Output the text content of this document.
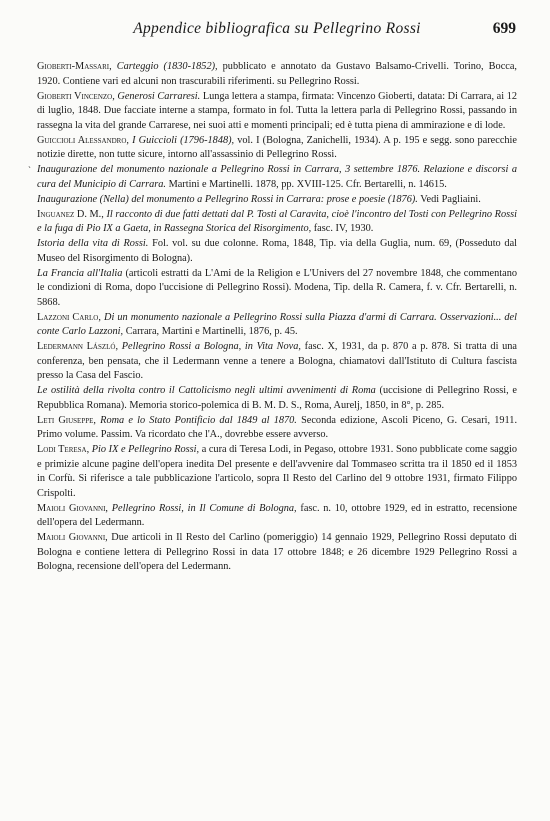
Appendice bibliografica su Pellegrino Rossi	699

Gioberti-Massari, Carteggio (1830-1852), pubblicato e annotato da Gustavo Balsamo-Crivelli. Torino, Bocca, 1920. Contiene vari ed alcuni non trascurabili riferimenti. su Pellegrino Rossi.

Gioberti Vincenzo, Generosi Carraresi. Lunga lettera a stampa, firmata: Vincenzo Gioberti, datata: Di Carrara, ai 12 di luglio, 1848. Due facciate interne a stampa, formato in fol. Tutta la lettera parla di Pellegrino Rossi, passando in rassegna la vita del grande Carrarese, nei suoi atti e momenti principali; ed è tutta piena di ammirazione e di lode.

Guiccioli Alessandro, I Guiccioli (1796-1848), vol. I (Bologna, Zanichelli, 1934). A p. 195 e segg. sono parecchie notizie dirette, non tutte sicure, intorno all'assassinio di Pellegrino Rossi.

` Inaugurazione del monumento nazionale a Pellegrino Rossi in Carrara, 3 settembre 1876. Relazione e discorsi a cura del Municipio di Carrara. Martini e Martinelli. 1878, pp. XVIII-125. Cfr. Bertarelli, n. 14615.

Inaugurazione (Nella) del monumento a Pellegrino Rossi in Carrara: prose e poesie (1876). Vedi Pagliaini.

Inguanez D. M., Il racconto di due fatti dettati dal P. Tosti al Caravita, cioè l'incontro del Tosti con Pellegrino Rossi e la fuga di Pio IX a Gaeta, in Rassegna Storica del Risorgimento, fasc. IV, 1930.

Istoria della vita di Rossi. Fol. vol. su due colonne. Roma, 1848, Tip. via della Guglia, num. 69, (Posseduto dal Museo del Risorgimento di Bologna).

La Francia all'Italia (articoli estratti da L'Ami de la Religion e L'Univers del 27 novembre 1848, che commentano le condizioni di Roma, dopo l'uccisione di Pellegrino Rossi). Modena, Tip. della R. Camera, f. v. Cfr. Bertarelli, n. 5868.

Lazzoni Carlo, Di un monumento nazionale a Pellegrino Rossi sulla Piazza d'armi di Carrara. Osservazioni... del conte Carlo Lazzoni, Carrara, Martini e Martinelli, 1876, p. 45.

Ledermann László, Pellegrino Rossi a Bologna, in Vita Nova, fasc. X, 1931, da p. 870 a p. 878. Si tratta di una conferenza, ben pensata, che il Ledermann venne a tenere a Bologna, chiamatovi dall'Istituto di Cultura fascista presso la Casa del Fascio.

Le ostilità della rivolta contro il Cattolicismo negli ultimi avvenimenti di Roma (uccisione di Pellegrino Rossi, e Repubblica Romana). Memoria storico-polemica di B. M. D. S., Roma, Aurelj, 1850, in 8°, p. 285.

Leti Giuseppe, Roma e lo Stato Pontificio dal 1849 al 1870. Seconda edizione, Ascoli Piceno, G. Cesari, 1911. Primo volume. Passim. Va ricordato che l'A., dovrebbe essere avverso.

Lodi Teresa, Pio IX e Pellegrino Rossi, a cura di Teresa Lodi, in Pegaso, ottobre 1931. Sono pubblicate come saggio e primizie alcune pagine dell'opera inedita Del presente e dell'avvenire dal Tommaseo scritta tra il 1850 ed il 1853 in Corfù. Si riferisce a tale pubblicazione l'articolo, sopra Il Resto del Carlino del 9 ottobre 1931, firmato Filippo Crispolti.

Maioli Giovanni, Pellegrino Rossi, in Il Comune di Bologna, fasc. n. 10, ottobre 1929, ed in estratto, recensione dell'opera del Ledermann.

Maioli Giovanni, Due articoli in Il Resto del Carlino (pomeriggio) 14 gennaio 1929, Pellegrino Rossi deputato di Bologna e contiene lettera di Pellegrino Rossi in data 17 ottobre 1848; e 26 dicembre 1929 Pellegrino Rossi a Bologna, recensione dell'opera del Ledermann.
